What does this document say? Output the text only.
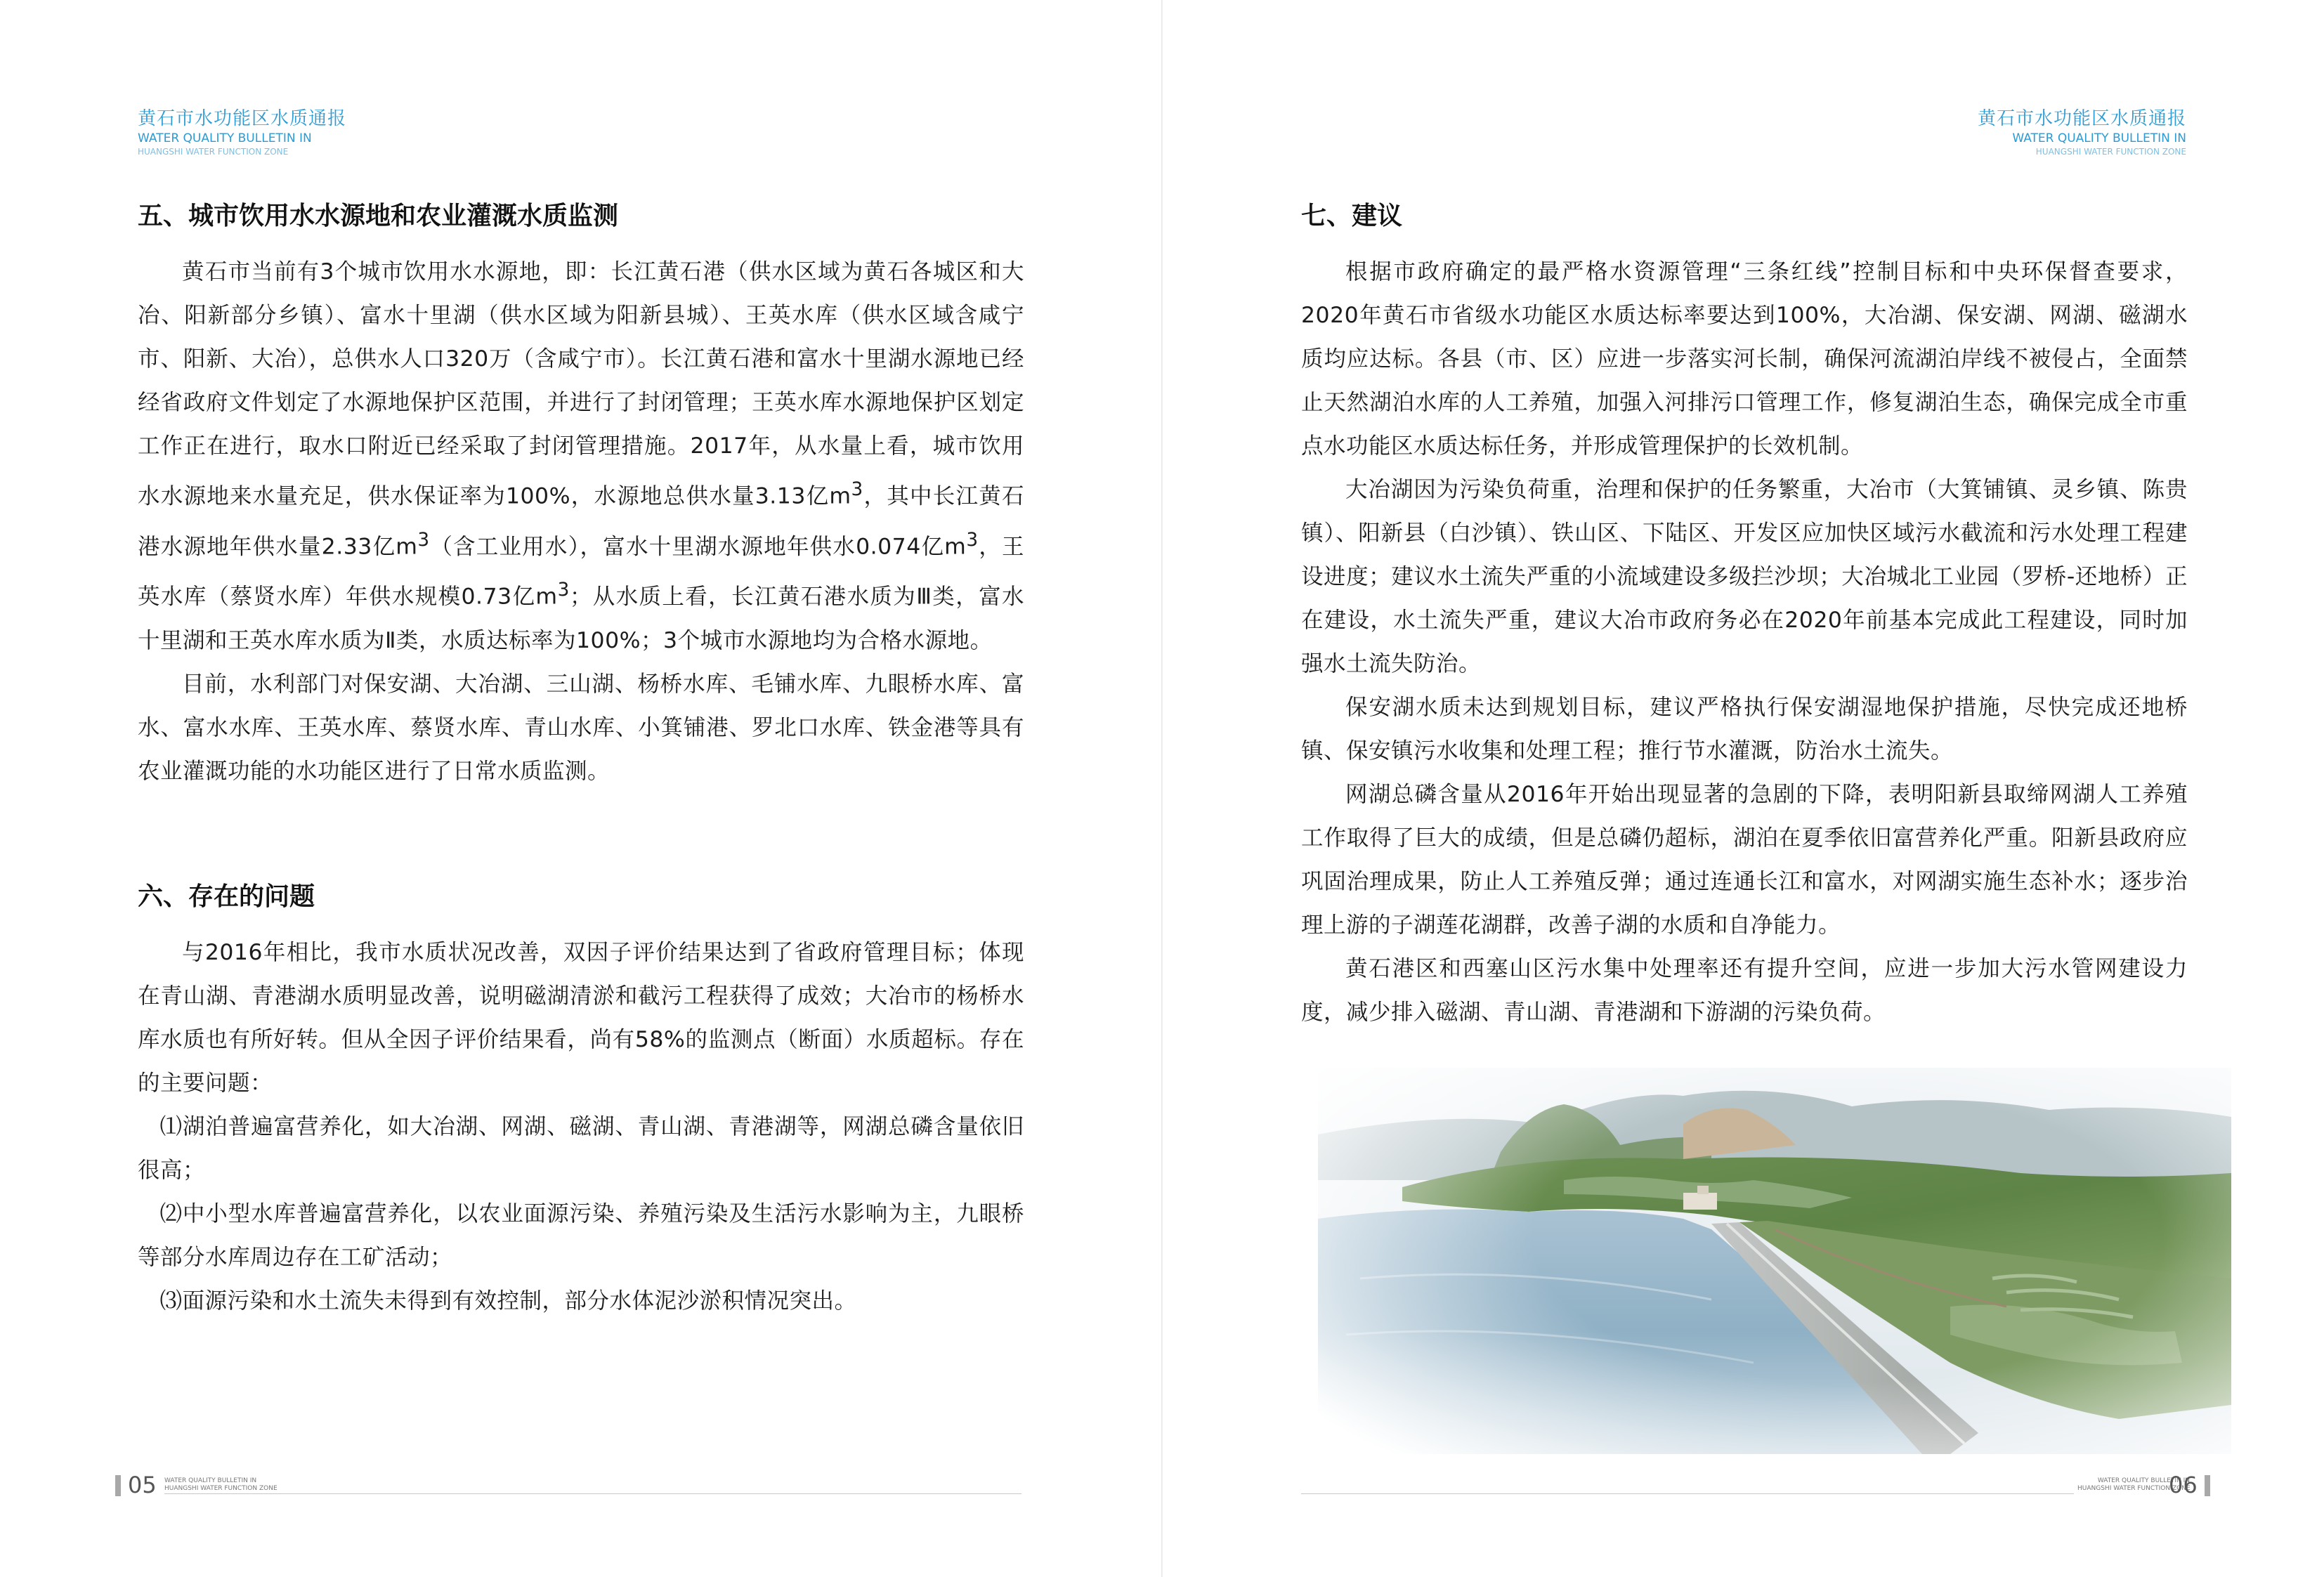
黄石市水功能区水质通报
WATER QUALITY BULLETIN IN
HUANGSHI WATER FUNCTION ZONE
黄石市水功能区水质通报
WATER QUALITY BULLETIN IN
HUANGSHI WATER FUNCTION ZONE
五、城市饮用水水源地和农业灌溉水质监测

黄石市当前有3个城市饮用水水源地，即：长江黄石港（供水区域为黄石各城区和大冶、阳新部分乡镇）、富水十里湖（供水区域为阳新县城）、王英水库（供水区域含咸宁市、阳新、大冶），总供水人口320万（含咸宁市）。长江黄石港和富水十里湖水源地已经经省政府文件划定了水源地保护区范围，并进行了封闭管理；王英水库水源地保护区划定工作正在进行，取水口附近已经采取了封闭管理措施。2017年，从水量上看，城市饮用水水源地来水量充足，供水保证率为100%，水源地总供水量3.13亿$m^3$，其中长江黄石港水源地年供水量2.33亿$m^3$（含工业用水），富水十里湖水源地年供水0.074亿$m^3$，王英水库（蔡贤水库）年供水规模0.73亿$m^3$；从水质上看，长江黄石港水质为Ⅲ类，富水十里湖和王英水库水质为Ⅱ类，水质达标率为100%；3个城市水源地均为合格水源地。

目前，水利部门对保安湖、大冶湖、三山湖、杨桥水库、毛铺水库、九眼桥水库、富水、富水水库、王英水库、蔡贤水库、青山水库、小箕铺港、罗北口水库、铁金港等具有农业灌溉功能的水功能区进行了日常水质监测。

六、存在的问题

与2016年相比，我市水质状况改善，双因子评价结果达到了省政府管理目标；体现在青山湖、青港湖水质明显改善，说明磁湖清淤和截污工程获得了成效；大冶市的杨桥水库水质也有所好转。但从全因子评价结果看，尚有58%的监测点（断面）水质超标。存在的主要问题：

⑴湖泊普遍富营养化，如大冶湖、网湖、磁湖、青山湖、青港湖等，网湖总磷含量依旧很高；

⑵中小型水库普遍富营养化，以农业面源污染、养殖污染及生活污水影响为主，九眼桥等部分水库周边存在工矿活动；

⑶面源污染和水土流失未得到有效控制，部分水体泥沙淤积情况突出。

七、建议

根据市政府确定的最严格水资源管理“三条红线”控制目标和中央环保督查要求，2020年黄石市省级水功能区水质达标率要达到100%，大冶湖、保安湖、网湖、磁湖水质均应达标。各县（市、区）应进一步落实河长制，确保河流湖泊岸线不被侵占，全面禁止天然湖泊水库的人工养殖，加强入河排污口管理工作，修复湖泊生态，确保完成全市重点水功能区水质达标任务，并形成管理保护的长效机制。

大冶湖因为污染负荷重，治理和保护的任务繁重，大冶市（大箕铺镇、灵乡镇、陈贵镇）、阳新县（白沙镇）、铁山区、下陆区、开发区应加快区域污水截流和污水处理工程建设进度；建议水土流失严重的小流域建设多级拦沙坝；大冶城北工业园（罗桥-还地桥）正在建设，水土流失严重，建议大冶市政府务必在2020年前基本完成此工程建设，同时加强水土流失防治。

保安湖水质未达到规划目标，建议严格执行保安湖湿地保护措施，尽快完成还地桥镇、保安镇污水收集和处理工程；推行节水灌溉，防治水土流失。

网湖总磷含量从2016年开始出现显著的急剧的下降，表明阳新县取缔网湖人工养殖工作取得了巨大的成绩，但是总磷仍超标，湖泊在夏季依旧富营养化严重。阳新县政府应巩固治理成果，防止人工养殖反弹；通过连通长江和富水，对网湖实施生态补水；逐步治理上游的子湖莲花湖群，改善子湖的水质和自净能力。

黄石港区和西塞山区污水集中处理率还有提升空间，应进一步加大污水管网建设力度，减少排入磁湖、青山湖、青港湖和下游湖的污染负荷。

05 WATER QUALITY BULLETIN IN
HUANGSHI WATER FUNCTION ZONE
WATER QUALITY BULLETIN IN
HUANGSHI WATER FUNCTION ZONE
06
